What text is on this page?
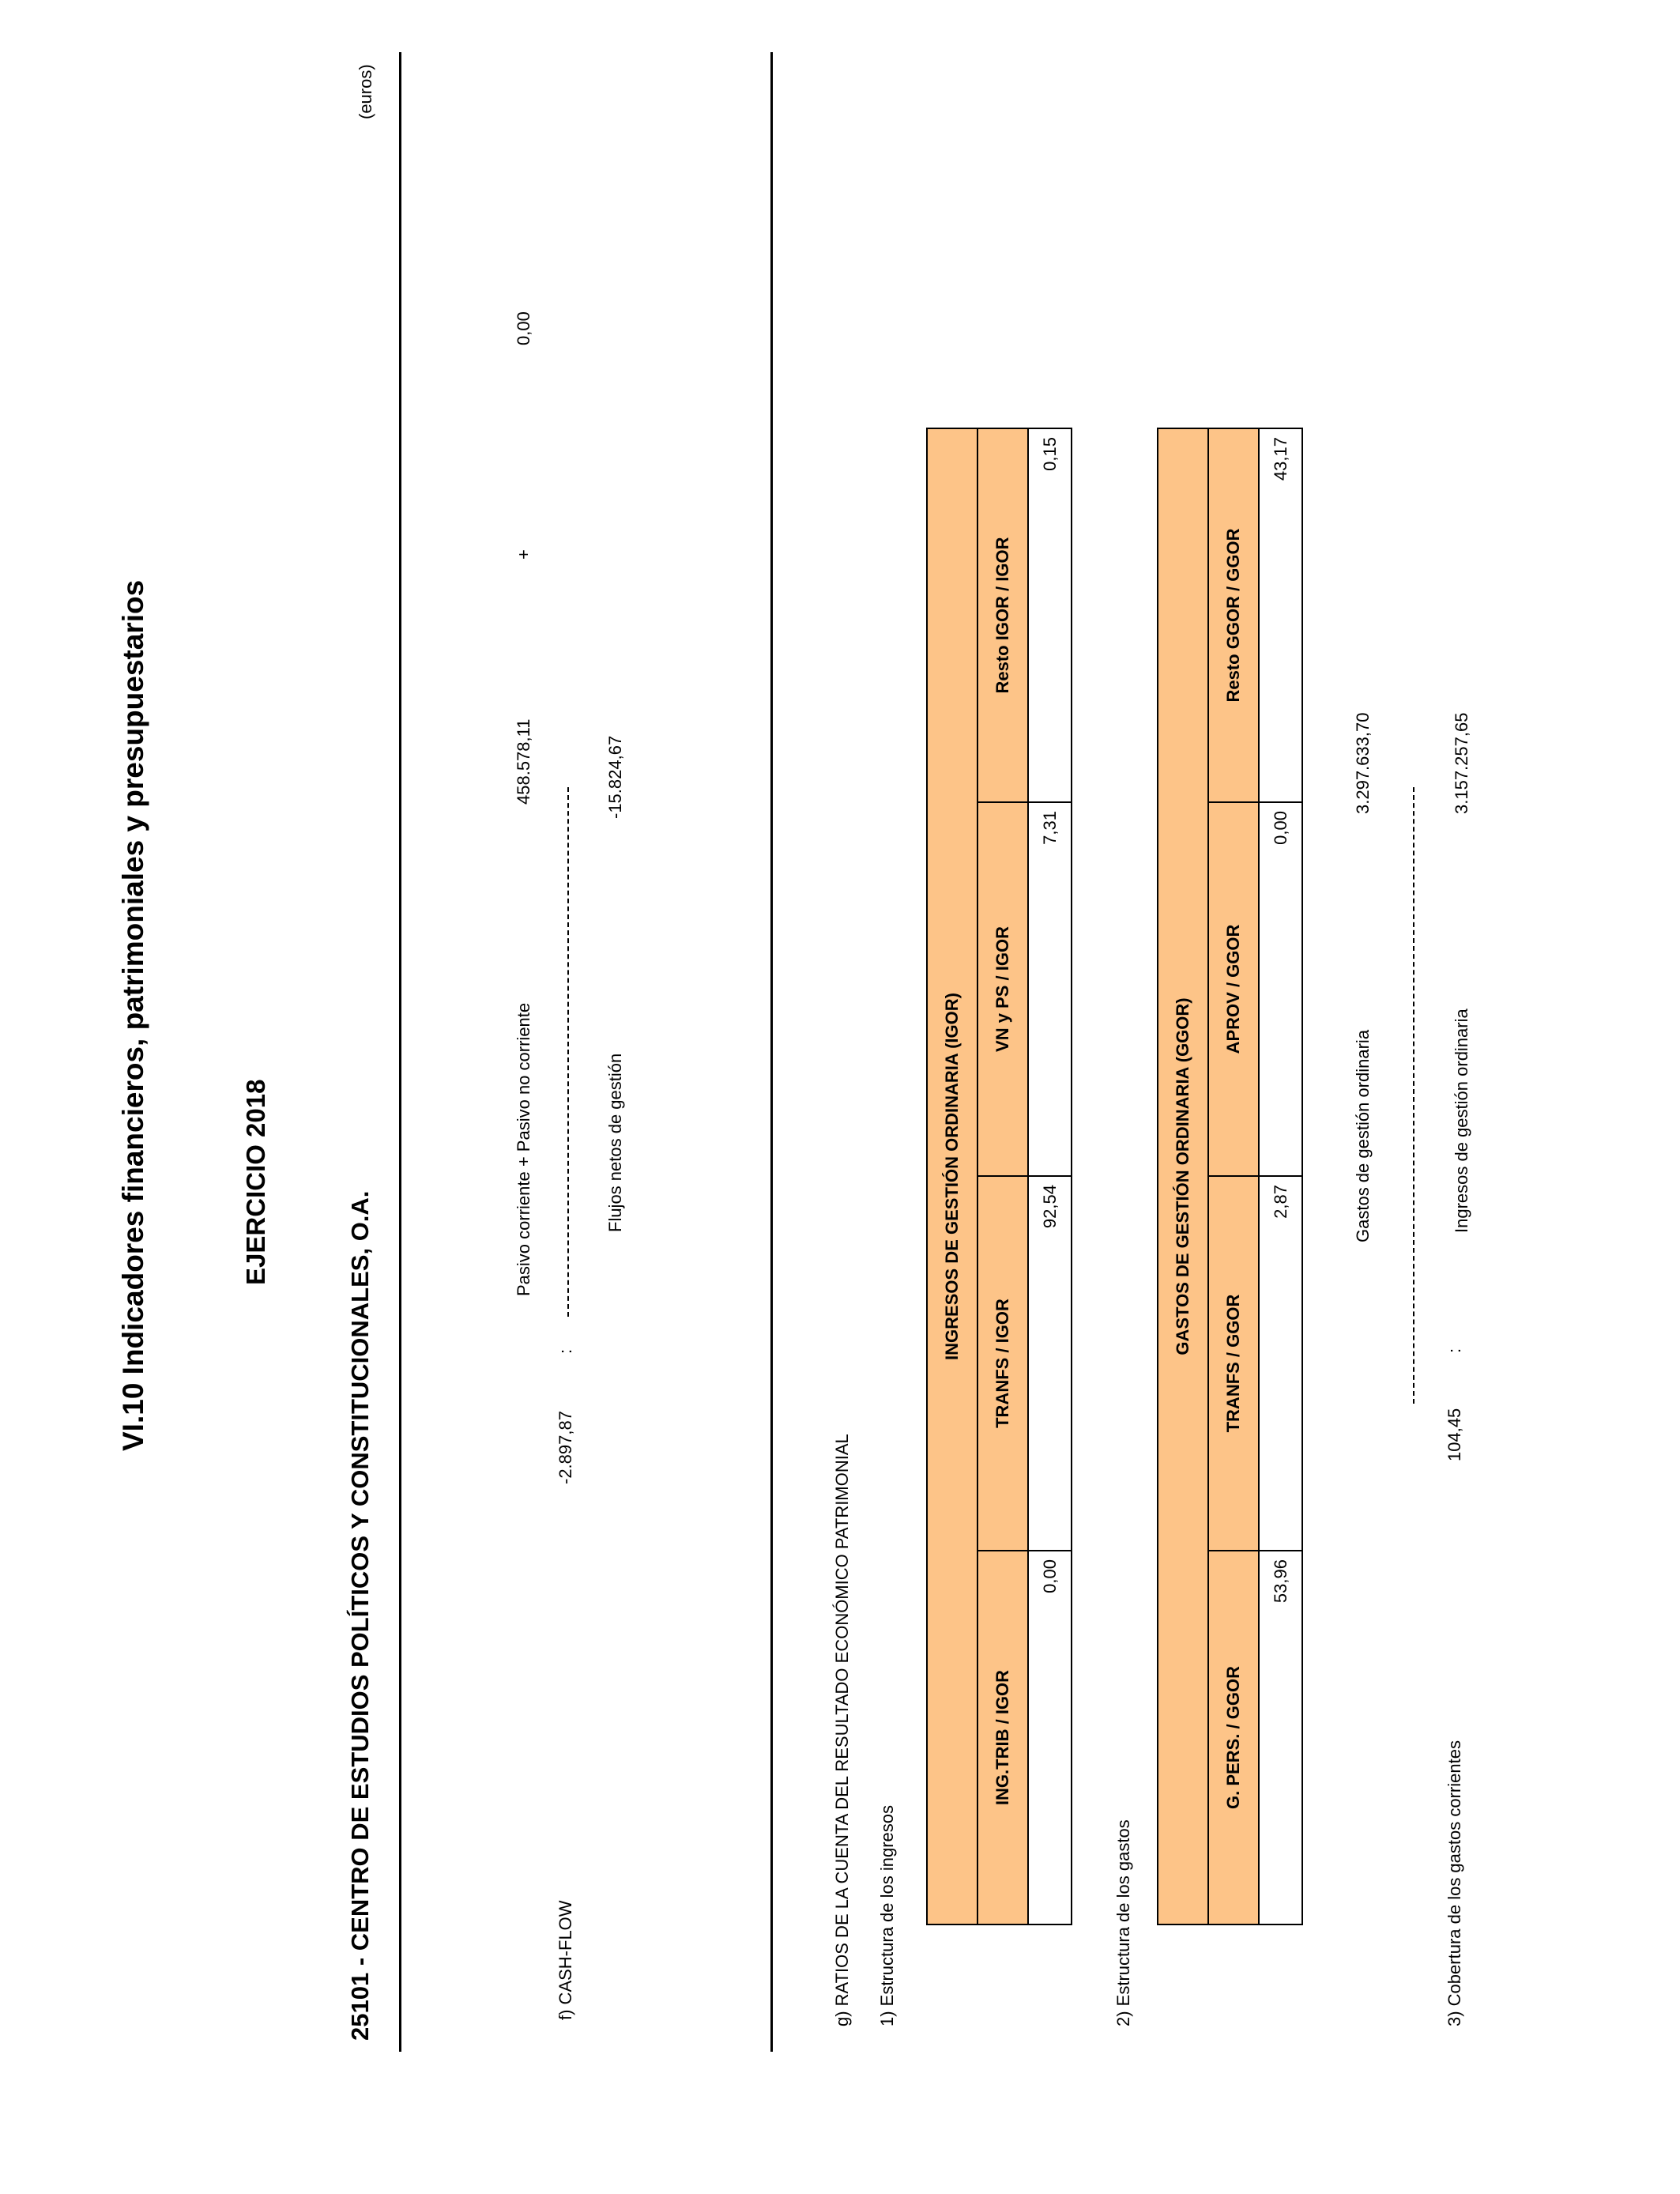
VI.10 Indicadores financieros, patrimoniales y presupuestarios	EJERCICIO 2018
25101 - CENTRO DE ESTUDIOS POLÍTICOS Y CONSTITUCIONALES, O.A.
(euros)
f) CASH-FLOW
-2.897,87
:
Pasivo corriente + Pasivo no corriente
458.578,11
+
0,00
Flujos netos de gestión
-15.824,67
g) RATIOS DE LA CUENTA DEL RESULTADO ECONÓMICO PATRIMONIAL 1) Estructura de los ingresos
INGRESOS DE GESTIÓN ORDINARIA (IGOR)			
ING.TRIB / IGOR	TRANFS / IGOR	VN y PS / IGOR	Resto IGOR / IGOR
0,00	92,54	7,31	0,15
2) Estructura de los gastos
GASTOS DE GESTIÓN ORDINARIA (GGOR)			
G. PERS. / GGOR	TRANFS / GGOR	APROV / GGOR	Resto GGOR / GGOR
53,96	2,87	0,00	43,17
3) Cobertura de los gastos corrientes
104,45
:
Gastos de gestión ordinaria
3.297.633,70
Ingresos de gestión ordinaria
3.157.257,65
